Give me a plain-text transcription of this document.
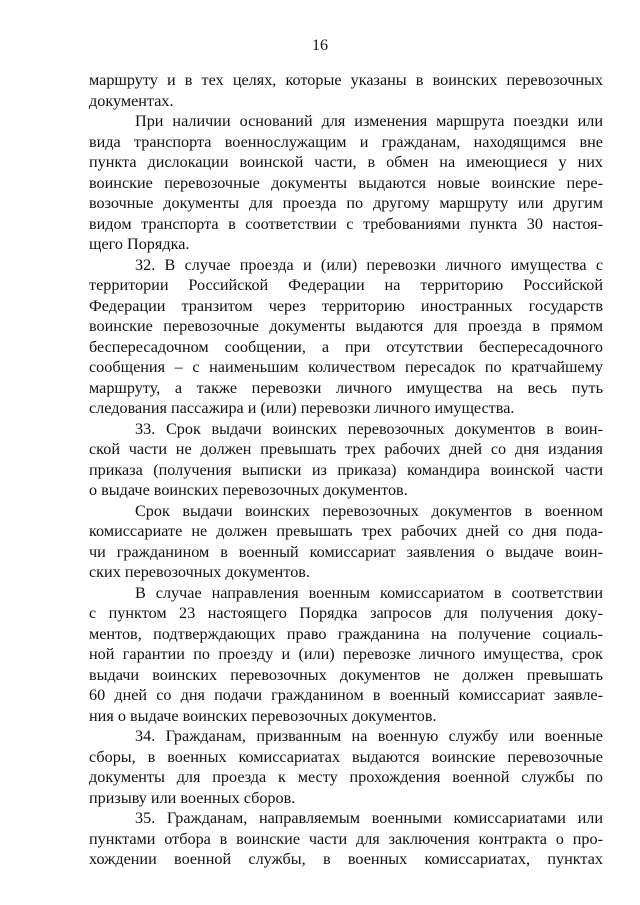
16
маршруту и в тех целях, которые указаны в воинских перевозочных
документах.
При наличии оснований для изменения маршрута поездки или
вида транспорта военнослужащим и гражданам, находящимся вне
пункта дислокации воинской части, в обмен на имеющиеся у них
воинские перевозочные документы выдаются новые воинские пере-
возочные документы для проезда по другому маршруту или другим
видом транспорта в соответствии с требованиями пункта 30 настоя-
щего Порядка.
32. В случае проезда и (или) перевозки личного имущества с
территории Российской Федерации на территорию Российской
Федерации транзитом через территорию иностранных государств
воинские перевозочные документы выдаются для проезда в прямом
беспересадочном сообщении, а при отсутствии беспересадочного
сообщения – с наименьшим количеством пересадок по кратчайшему
маршруту, а также перевозки личного имущества на весь путь
следования пассажира и (или) перевозки личного имущества.
33. Срок выдачи воинских перевозочных документов в воин-
ской части не должен превышать трех рабочих дней со дня издания
приказа (получения выписки из приказа) командира воинской части
о выдаче воинских перевозочных документов.
Срок выдачи воинских перевозочных документов в военном
комиссариате не должен превышать трех рабочих дней со дня пода-
чи гражданином в военный комиссариат заявления о выдаче воин-
ских перевозочных документов.
В случае направления военным комиссариатом в соответствии
с пунктом 23 настоящего Порядка запросов для получения доку-
ментов, подтверждающих право гражданина на получение социаль-
ной гарантии по проезду и (или) перевозке личного имущества, срок
выдачи воинских перевозочных документов не должен превышать
60 дней со дня подачи гражданином в военный комиссариат заявле-
ния о выдаче воинских перевозочных документов.
34. Гражданам, призванным на военную службу или военные
сборы, в военных комиссариатах выдаются воинские перевозочные
документы для проезда к месту прохождения военной службы по
призыву или военных сборов.
35. Гражданам, направляемым военными комиссариатами или
пунктами отбора в воинские части для заключения контракта о про-
хождении военной службы, в военных комиссариатах, пунктах
